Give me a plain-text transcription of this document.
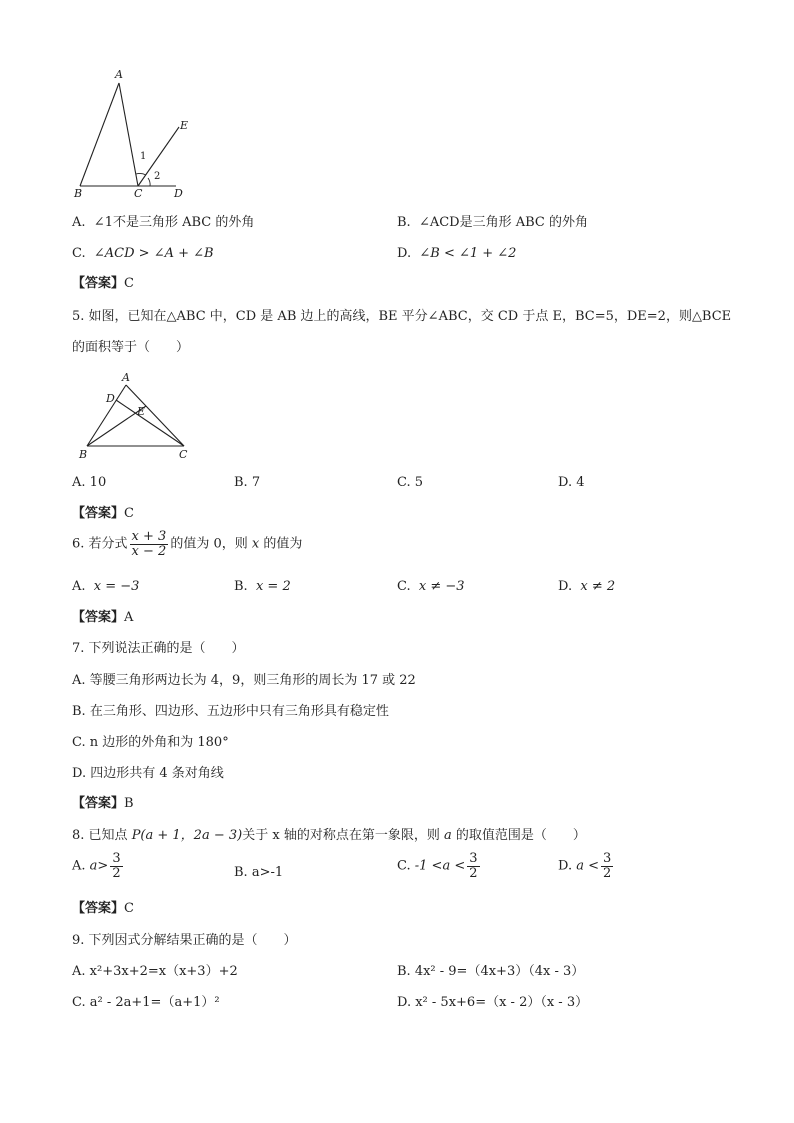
A
B	C	D
E
1
2
A. ∠1不是三角形 ABC 的外角	B. ∠ACD是三角形 ABC 的外角
C. ∠ACD > ∠A + ∠B	D. ∠B < ∠1 + ∠2
【答案】C
5. 如图，已知在△ABC 中，CD 是 AB 边上的高线，BE 平分∠ABC，交 CD 于点 E，BC=5，DE=2，则△BCE
的面积等于（　　）
A
D
E
B	C
A. 10	B. 7	C. 5	D. 4
【答案】C
6. 若分式 $\frac{x + 3}{x - 2}$ 的值为 0，则 x 的值为
A. x = −3	B. x = 2	C. x ≠ −3	D. x ≠ 2
【答案】A
7. 下列说法正确的是（　　）
A. 等腰三角形两边长为 4，9，则三角形的周长为 17 或 22
B. 在三角形、四边形、五边形中只有三角形具有稳定性
C. n 边形的外角和为 180°
D. 四边形共有 4 条对角线
【答案】B
8. 已知点 P(a + 1，2a − 3)关于 x 轴的对称点在第一象限，则 a 的取值范围是（　　）
A. $a> \frac{3}{2}$	B. a>-1	C. $-1 <a < \frac{3}{2}$	D. $a < \frac{3}{2}$
【答案】C
9. 下列因式分解结果正确的是（　　）
A. x²+3x+2=x（x+3）+2	B. 4x² - 9=（4x+3）（4x - 3）
C. a² - 2a+1=（a+1）²	D. x² - 5x+6=（x - 2）（x - 3）
